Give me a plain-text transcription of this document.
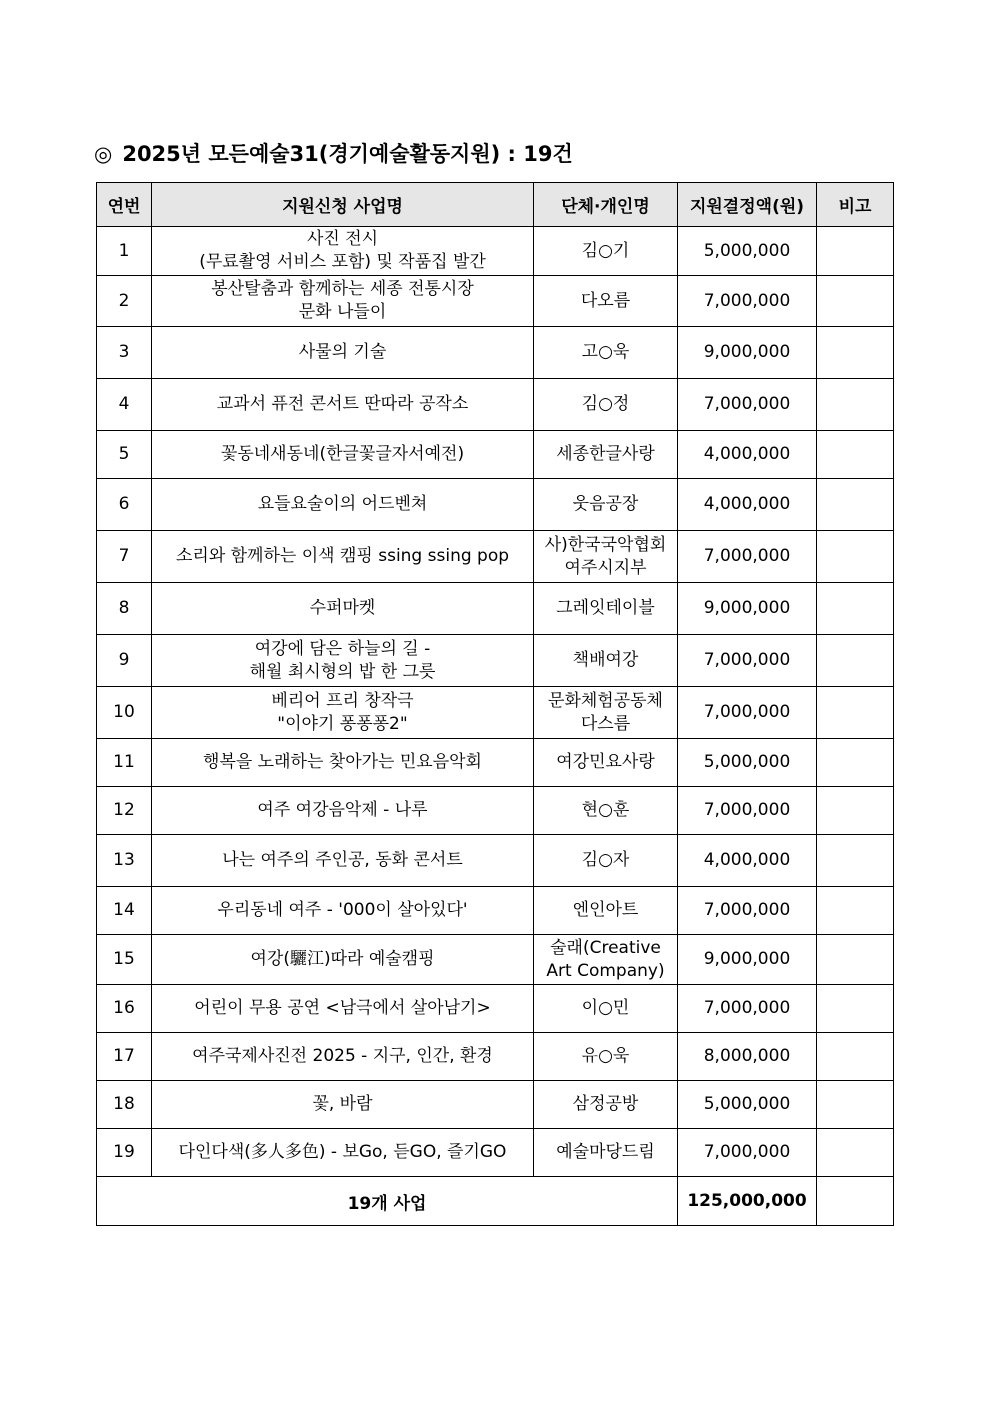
◎ 2025년 모든예술31(경기예술활동지원) : 19건
연번	지원신청 사업명	단체·개인명	지원결정액(원)	비고
1	사진 전시
(무료촬영 서비스 포함) 및 작품집 발간	김○기	5,000,000	
2	봉산탈춤과 함께하는 세종 전통시장
문화 나들이	다오름	7,000,000	
3	사물의 기술	고○욱	9,000,000	
4	교과서 퓨전 콘서트 딴따라 공작소	김○정	7,000,000	
5	꽃동네새동네(한글꽃글자서예전)	세종한글사랑	4,000,000	
6	요들요술이의 어드벤쳐	웃음공장	4,000,000	
7	소리와 함께하는 이색 캠핑 ssing ssing pop	사)한국국악협회
여주시지부	7,000,000	
8	수퍼마켓	그레잇테이블	9,000,000	
9	여강에 담은 하늘의 길 -
해월 최시형의 밥 한 그릇	책배여강	7,000,000	
10	베리어 프리 창작극
"이야기 퐁퐁퐁2"	문화체험공동체
다스름	7,000,000	
11	행복을 노래하는 찾아가는 민요음악회	여강민요사랑	5,000,000	
12	여주 여강음악제 - 나루	현○훈	7,000,000	
13	나는 여주의 주인공, 동화 콘서트	김○자	4,000,000	
14	우리동네 여주 - '000이 살아있다'	엔인아트	7,000,000	
15	여강(驪江)따라 예술캠핑	술래(Creative
Art Company)	9,000,000	
16	어린이 무용 공연 <남극에서 살아남기>	이○민	7,000,000	
17	여주국제사진전 2025 - 지구, 인간, 환경	유○욱	8,000,000	
18	꽃, 바람	삼정공방	5,000,000	
19	다인다색(多人多色) - 보Go, 듣GO, 즐기GO	예술마당드림	7,000,000	
19개 사업			125,000,000	
